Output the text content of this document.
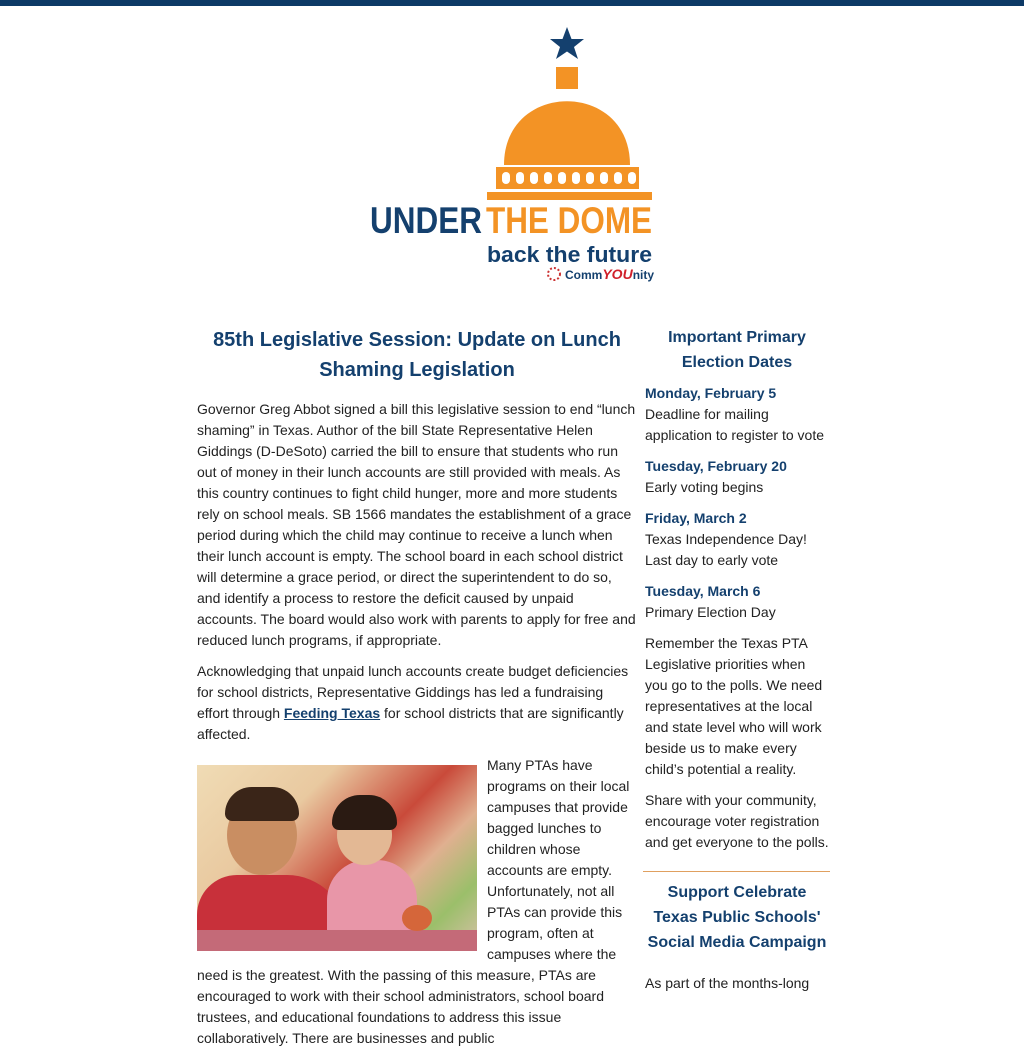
UNDER THE DOME
back the future
CommYOUnity
85th Legislative Session: Update on Lunch Shaming Legislation

Governor Greg Abbot signed a bill this legislative session to end “lunch shaming” in Texas. Author of the bill State Representative Helen Giddings (D-DeSoto) carried the bill to ensure that students who run out of money in their lunch accounts are still provided with meals. As this country continues to fight child hunger, more and more students rely on school meals. SB 1566 mandates the establishment of a grace period during which the child may continue to receive a lunch when their lunch account is empty. The school board in each school district will determine a grace period, or direct the superintendent to do so, and identify a process to restore the deficit caused by unpaid accounts. The board would also work with parents to apply for free and reduced lunch programs, if appropriate.

Acknowledging that unpaid lunch accounts create budget deficiencies for school districts, Representative Giddings has led a fundraising effort through Feeding Texas for school districts that are significantly affected.

Many PTAs have programs on their local campuses that provide bagged lunches to children whose accounts are empty. Unfortunately, not all PTAs can provide this program, often at campuses where the need is the greatest. With the passing of this measure, PTAs are encouraged to work with their school administrators, school board trustees, and educational foundations to address this issue collaboratively. There are businesses and public

Important Primary Election Dates
Monday, February 5
Deadline for mailing application to register to vote
Tuesday, February 20
Early voting begins
Friday, March 2
Texas Independence Day! Last day to early vote
Tuesday, March 6
Primary Election Day

Remember the Texas PTA Legislative priorities when you go to the polls. We need representatives at the local and state level who will work beside us to make every child’s potential a reality.

Share with your community, encourage voter registration and get everyone to the polls.

Support Celebrate Texas Public Schools' Social Media Campaign

As part of the months-long
